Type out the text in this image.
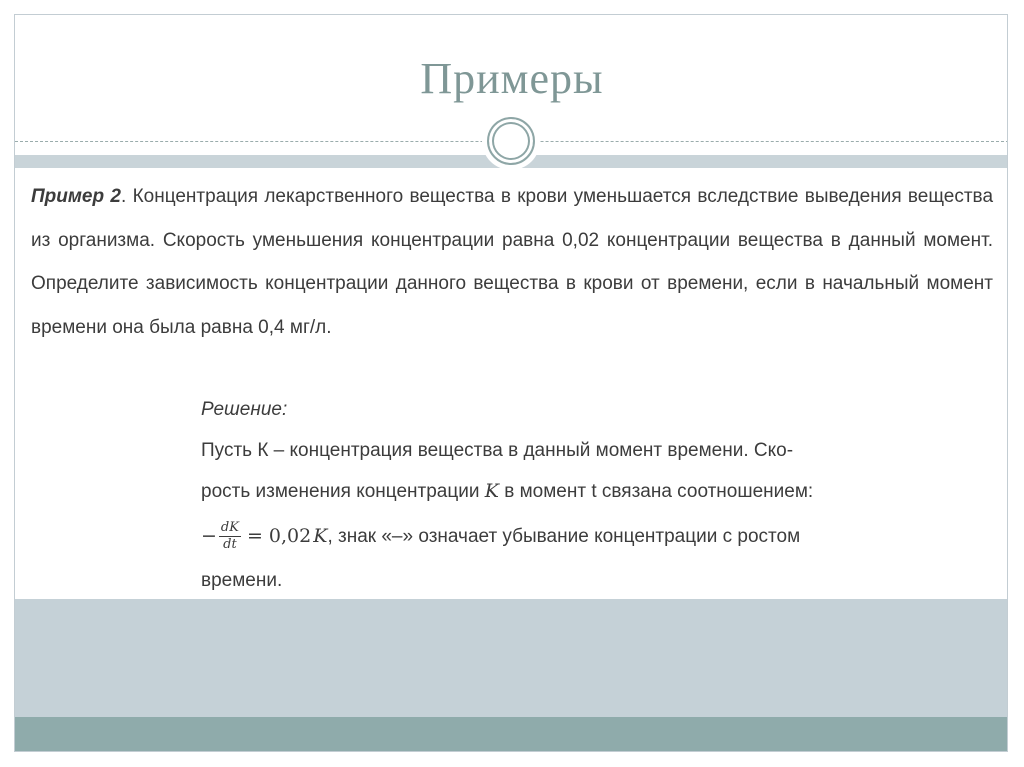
Примеры
Пример 2. Концентрация лекарственного вещества в крови уменьшается вследствие выведения вещества из организма. Скорость уменьшения концентрации равна 0,02 концентрации вещества в данный момент. Определите зависимость концентрации данного вещества в крови от времени, если в начальный момент времени она была равна 0,4 мг/л.
Решение:
Пусть К – концентрация вещества в данный момент времени. Ско-
рость изменения концентрации K в момент t связана соотношением:
− $\frac{dK}{dt} = 0,02$ K , знак «–» означает убывание концентрации с ростом
времени.
